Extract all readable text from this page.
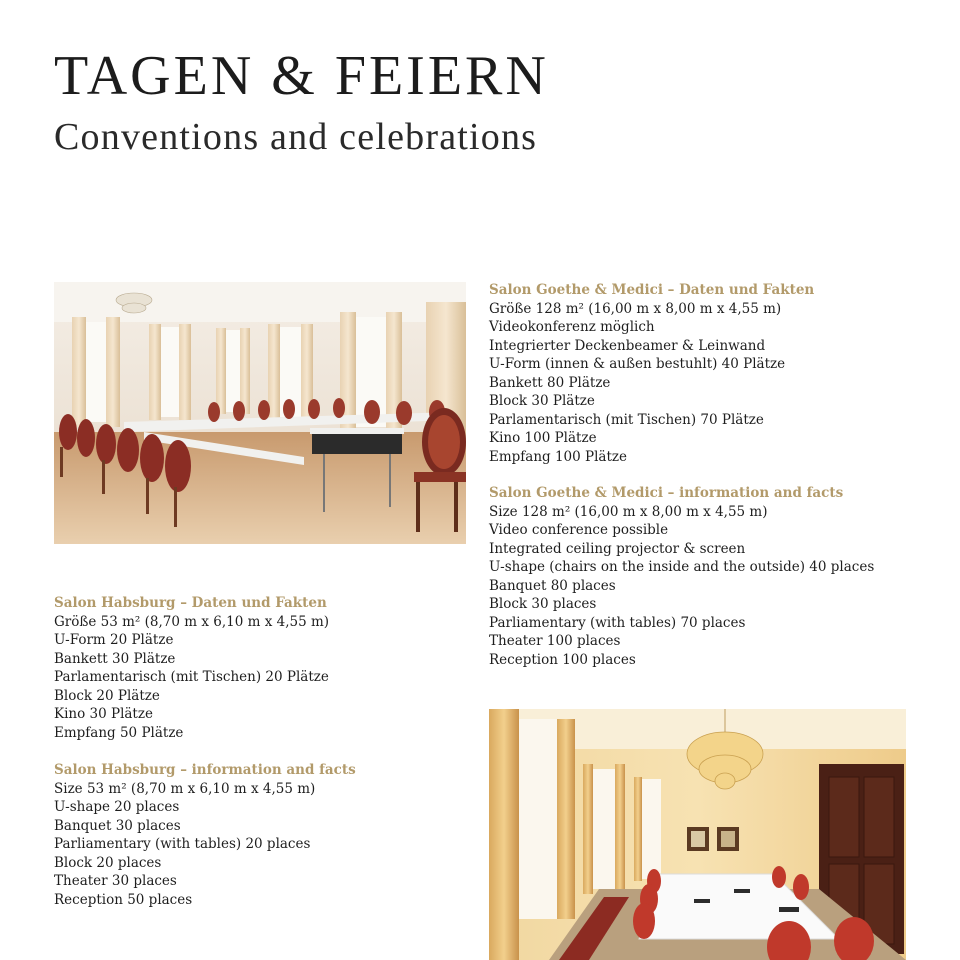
TAGEN & FEIERN
Conventions and celebrations
Salon Goethe & Medici – Daten und Fakten
Größe 128 m² (16,00 m x 8,00 m x 4,55 m)
Videokonferenz möglich
Integrierter Deckenbeamer & Leinwand
U-Form (innen & außen bestuhlt) 40 Plätze
Bankett 80 Plätze
Block 30 Plätze
Parlamentarisch (mit Tischen) 70 Plätze
Kino 100 Plätze
Empfang 100 Plätze
Salon Goethe & Medici – information and facts
Size 128 m² (16,00 m x 8,00 m x 4,55 m)
Video conference possible
Integrated ceiling projector & screen
U-shape (chairs on the inside and the outside) 40 places
Banquet 80 places
Block 30 places
Parliamentary (with tables) 70 places
Theater 100 places
Reception 100 places
Salon Habsburg – Daten und Fakten
Größe 53 m² (8,70 m x 6,10 m x 4,55 m)
U-Form 20 Plätze
Bankett 30 Plätze
Parlamentarisch (mit Tischen) 20 Plätze
Block 20 Plätze
Kino 30 Plätze
Empfang 50 Plätze
Salon Habsburg – information and facts
Size 53 m² (8,70 m x 6,10 m x 4,55 m)
U-shape 20 places
Banquet 30 places
Parliamentary (with tables) 20 places
Block 20 places
Theater 30 places
Reception 50 places
